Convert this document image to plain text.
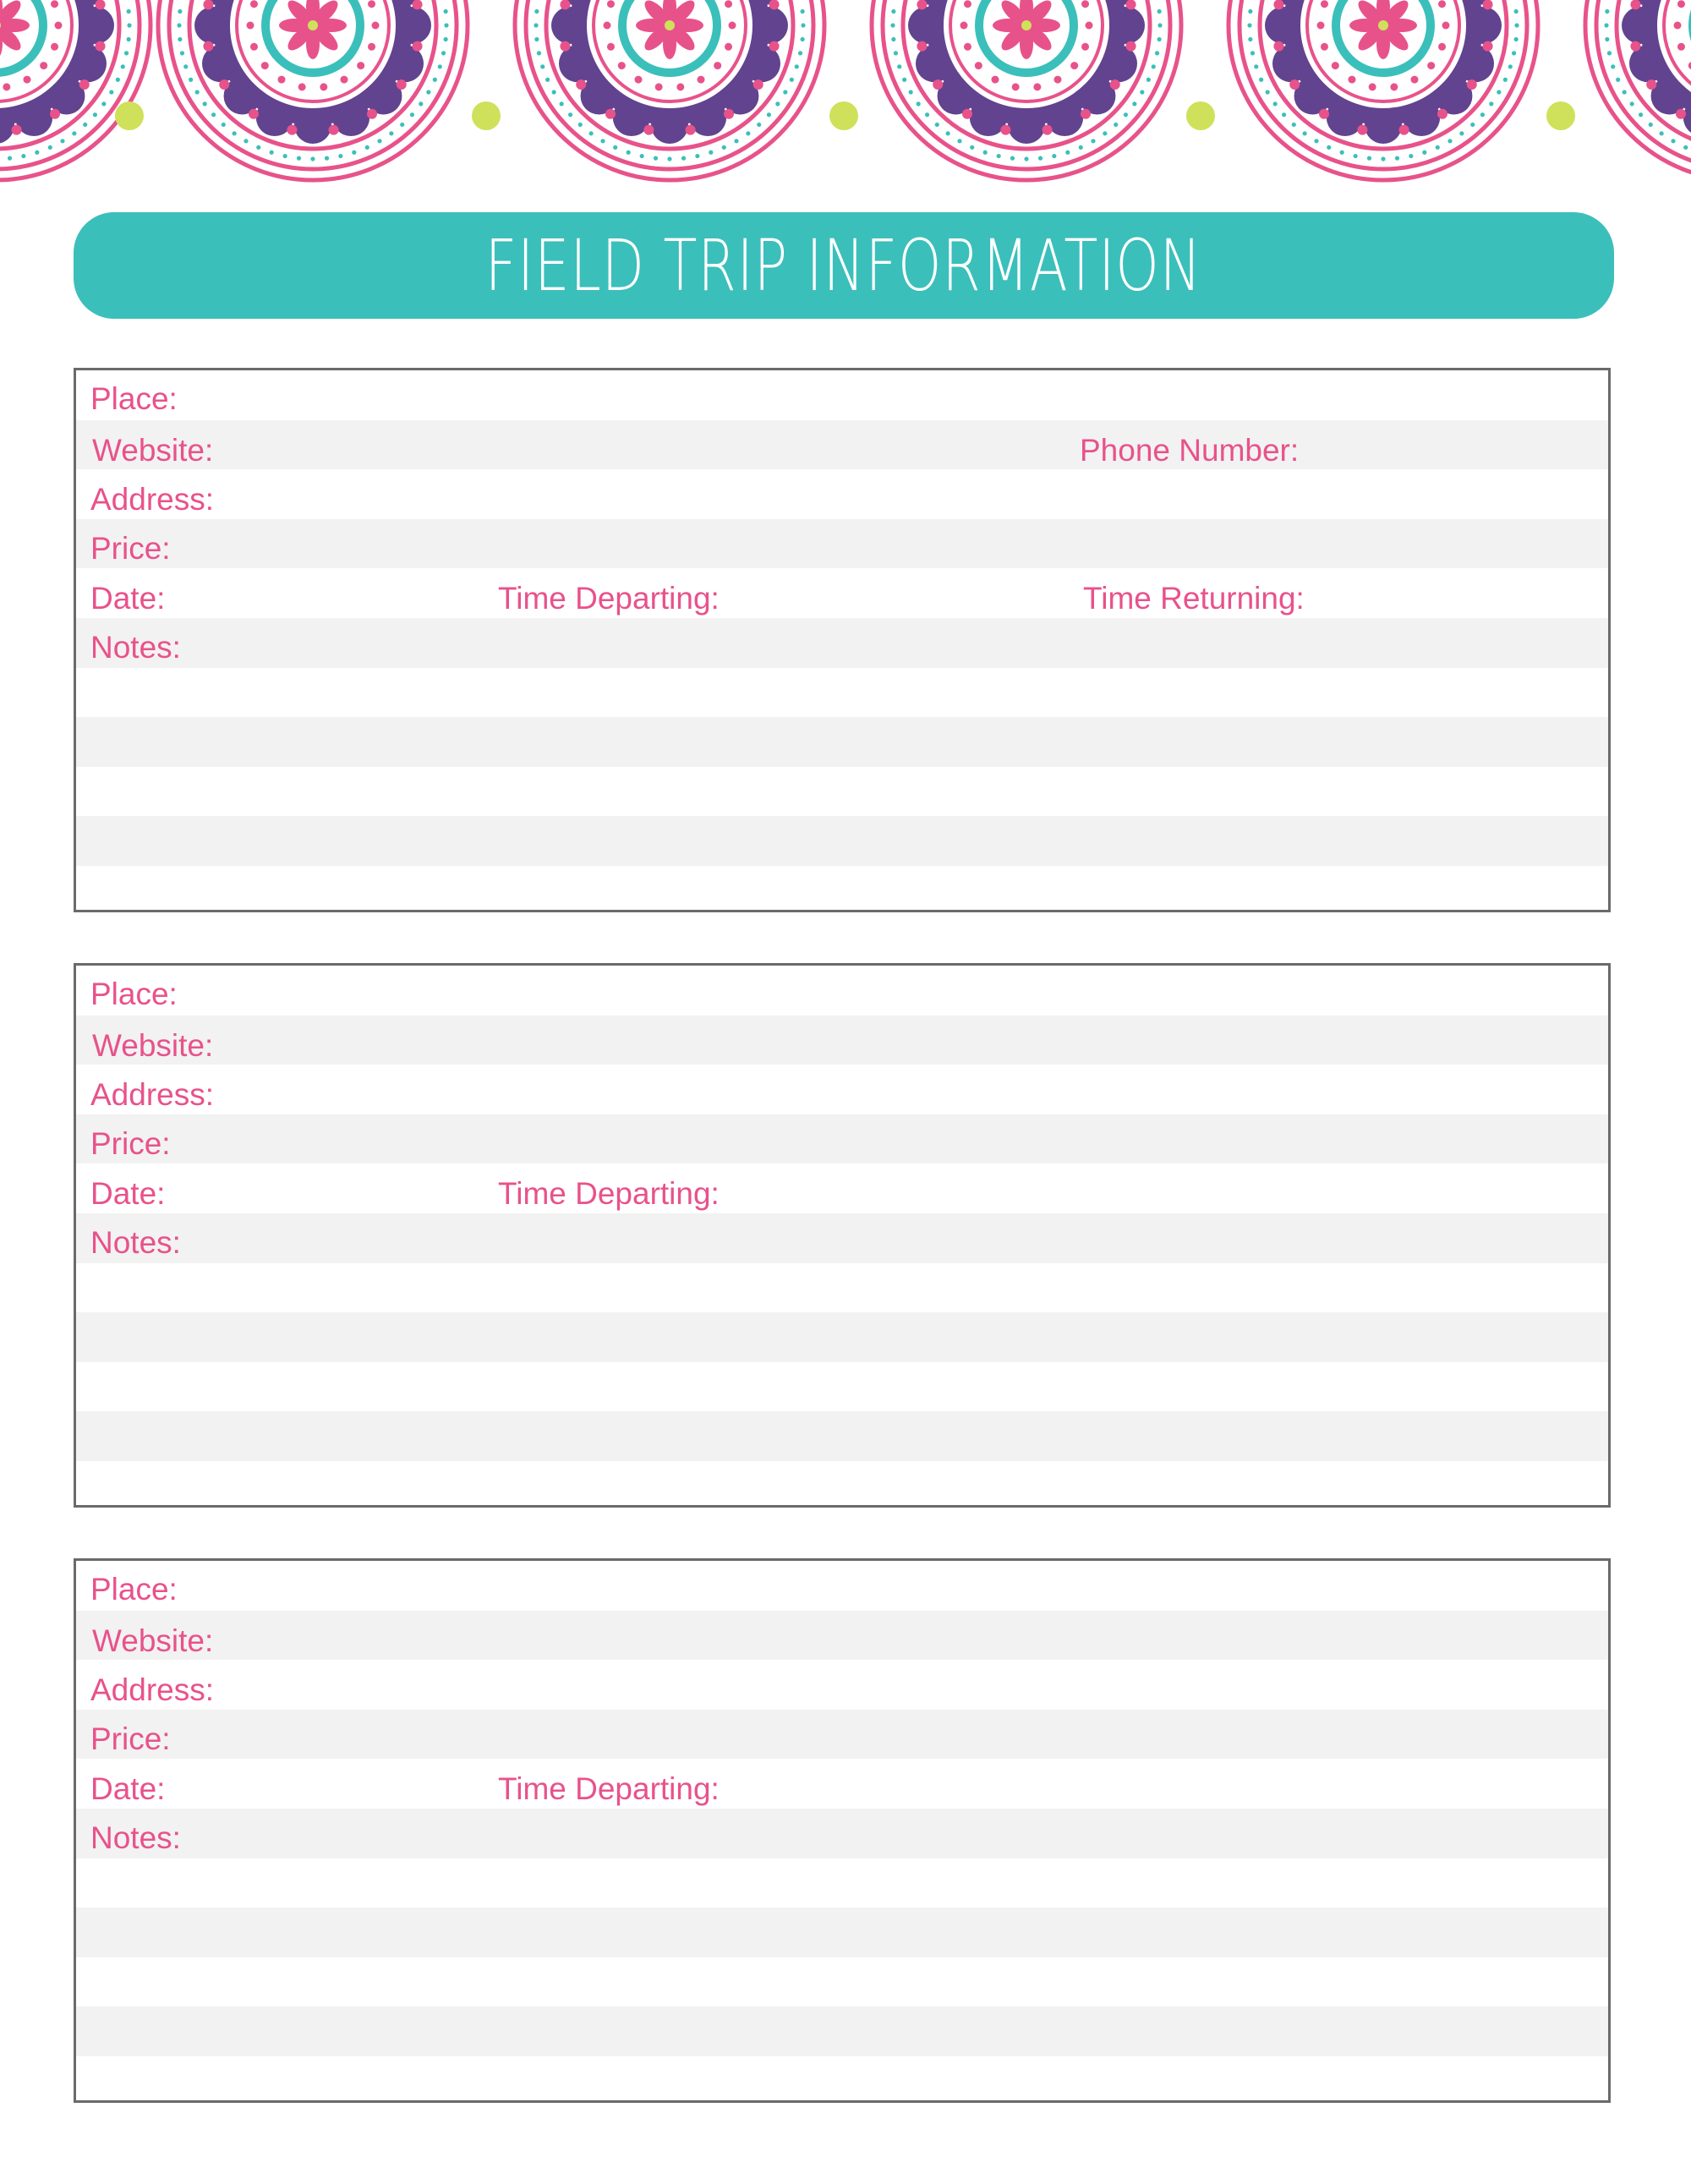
FIELD TRIP INFORMATION
Place:
Website:	Phone Number:
Address:
Price:
Date:	Time Departing:	Time Returning:
Notes:
Place:
Website:
Address:
Price:
Date:	Time Departing:
Notes:
Place:
Website:
Address:
Price:
Date:	Time Departing:
Notes:
